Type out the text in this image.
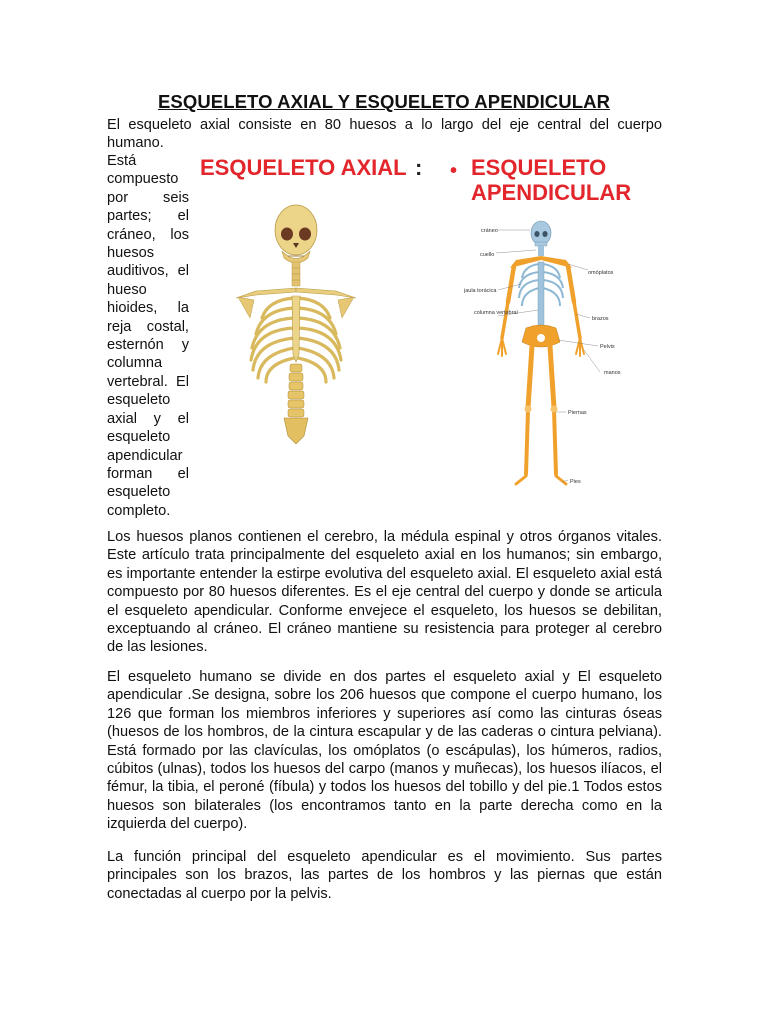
ESQUELETO AXIAL Y ESQUELETO APENDICULAR

El esqueleto axial consiste en 80 huesos a lo largo del eje central del cuerpo humano.

Está compuesto por seis partes; el cráneo, los huesos auditivos, el hueso hioides, la reja costal, esternón y columna vertebral. El esqueleto axial y el esqueleto apendicular forman el esqueleto completo.

ESQUELETO AXIAL : • ESQUELETO
APENDICULAR
cráneo
cuello
omóplatos
jaula torácica
columna vertebral
brazos
Pelvis
manos
Piernas
Pies

Los huesos planos contienen el cerebro, la médula espinal y otros órganos vitales. Este artículo trata principalmente del esqueleto axial en los humanos; sin embargo, es importante entender la estirpe evolutiva del esqueleto axial. El esqueleto axial está compuesto por 80 huesos diferentes. Es el eje central del cuerpo y donde se articula el esqueleto apendicular. Conforme envejece el esqueleto, los huesos se debilitan, exceptuando al cráneo. El cráneo mantiene su resistencia para proteger al cerebro de las lesiones.

El esqueleto humano se divide en dos partes el esqueleto axial y El esqueleto apendicular .Se designa, sobre los 206 huesos que compone el cuerpo humano, los 126 que forman los miembros inferiores y superiores así como las cinturas óseas (huesos de los hombros, de la cintura escapular y de las caderas o cintura pelviana). Está formado por las clavículas, los omóplatos (o escápulas), los húmeros, radios, cúbitos (ulnas), todos los huesos del carpo (manos y muñecas), los huesos ilíacos, el fémur, la tibia, el peroné (fíbula) y todos los huesos del tobillo y del pie.1 Todos estos huesos son bilaterales (los encontramos tanto en la parte derecha como en la izquierda del cuerpo).

La función principal del esqueleto apendicular es el movimiento. Sus partes principales son los brazos, las partes de los hombros y las piernas que están conectadas al cuerpo por la pelvis.
